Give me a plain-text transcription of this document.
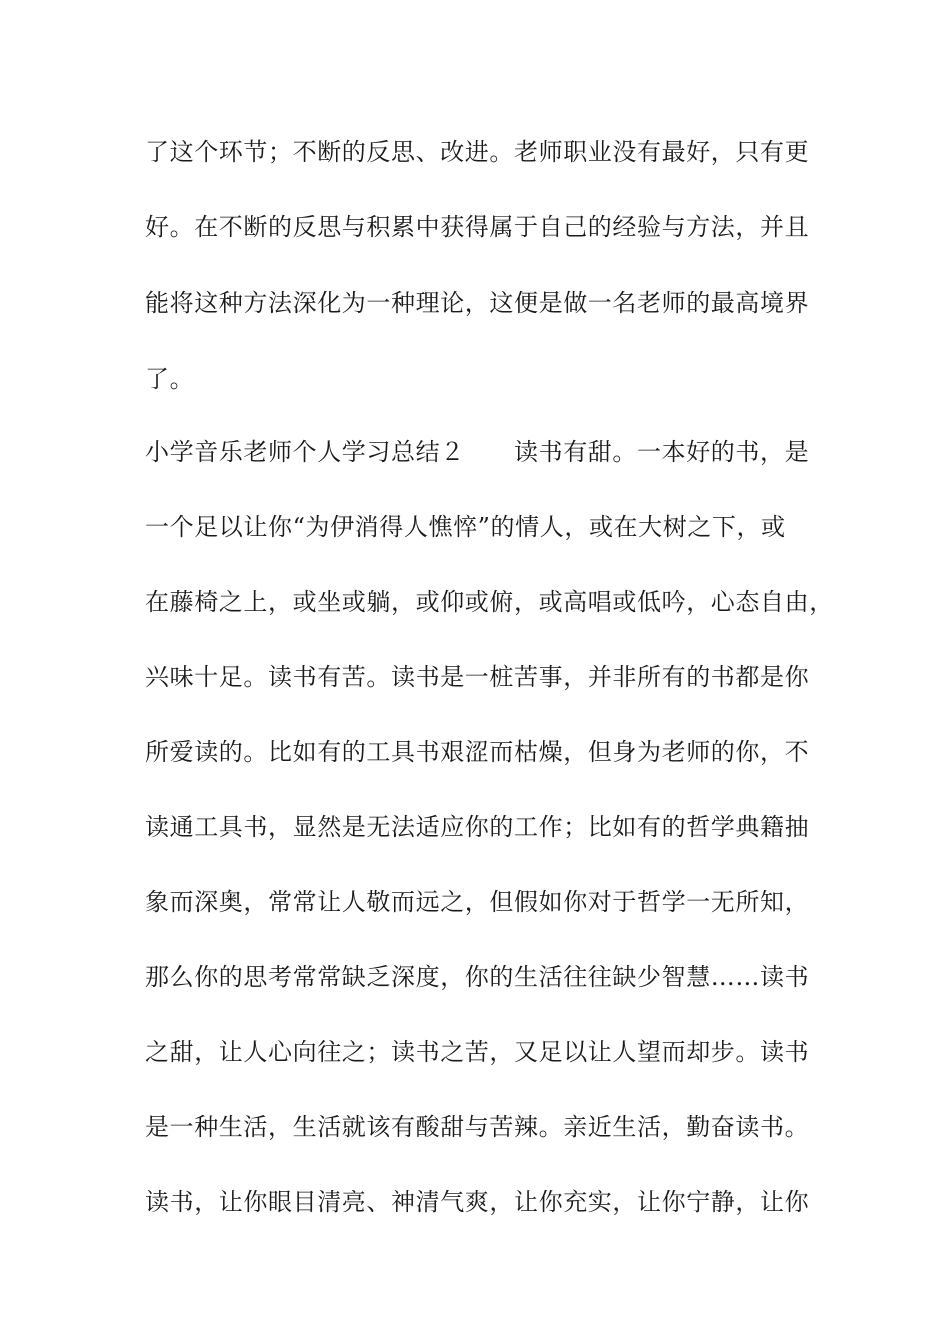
了这个环节；不断的反思、改进。老师职业没有最好，只有更
好。在不断的反思与积累中获得属于自己的经验与方法，并且
能将这种方法深化为一种理论，这便是做一名老师的最高境界
了。
小学音乐老师个人学习总结２　　读书有甜。一本好的书，是
一个足以让你“为伊消得人憔悴”的情人，或在大树之下，或
在藤椅之上，或坐或躺，或仰或俯，或高唱或低吟，心态自由，
兴味十足。读书有苦。读书是一桩苦事，并非所有的书都是你
所爱读的。比如有的工具书艰涩而枯燥，但身为老师的你，不
读通工具书，显然是无法适应你的工作；比如有的哲学典籍抽
象而深奥，常常让人敬而远之，但假如你对于哲学一无所知，
那么你的思考常常缺乏深度，你的生活往往缺少智慧……读书
之甜，让人心向往之；读书之苦，又足以让人望而却步。读书
是一种生活，生活就该有酸甜与苦辣。亲近生活，勤奋读书。
读书，让你眼目清亮、神清气爽，让你充实，让你宁静，让你
